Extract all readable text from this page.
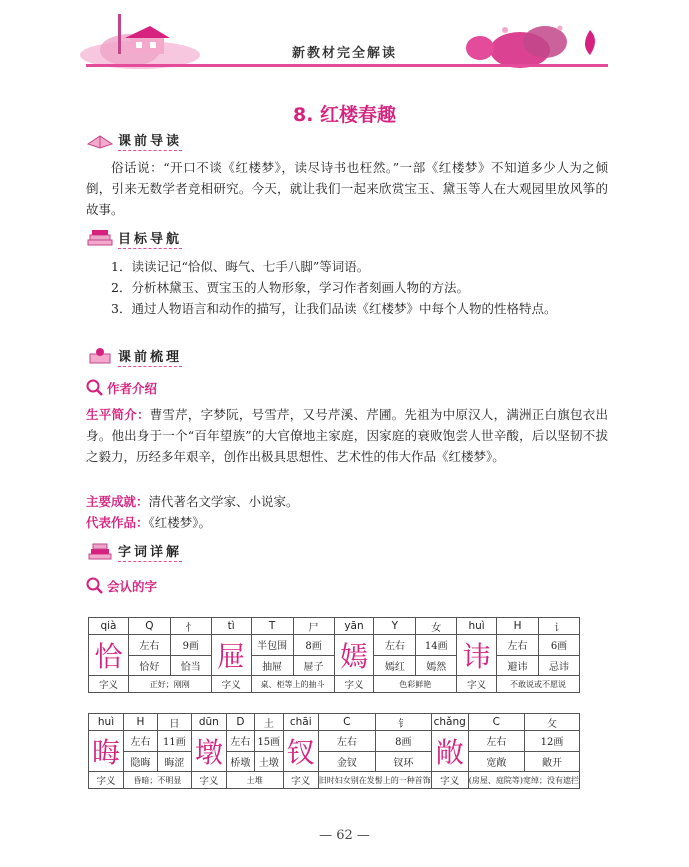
新教材完全解读
8. 红楼春趣
课前导读
俗话说：“开口不谈《红楼梦》，读尽诗书也枉然。”一部《红楼梦》不知道多少人为之倾倒，引来无数学者竞相研究。今天，就让我们一起来欣赏宝玉、黛玉等人在大观园里放风筝的故事。
目标导航
1．读读记记“恰似、晦气、七手八脚”等词语。
2．分析林黛玉、贾宝玉的人物形象，学习作者刻画人物的方法。
3．通过人物语言和动作的描写，让我们品读《红楼梦》中每个人物的性格特点。
课前梳理
作者介绍
生平简介：曹雪芹，字梦阮，号雪芹，又号芹溪、芹圃。先祖为中原汉人，满洲正白旗包衣出身。他出身于一个“百年望族”的大官僚地主家庭，因家庭的衰败饱尝人世辛酸，后以坚韧不拔之毅力，历经多年艰辛，创作出极具思想性、艺术性的伟大作品《红楼梦》。
主要成就：清代著名文学家、小说家。
代表作品：《红楼梦》。
字词详解
会认的字
qià	Q	忄	tì	T	尸	yān	Y	女	huì	H	讠
恰	左右	9画	屉	半包围	8画	嫣	左右	14画	讳	左右	6画
	恰好	恰当		抽屉	屉子		嫣红	嫣然		避讳	忌讳
字义	正好；刚刚		字义	桌、柜等上的抽斗		字义	色彩鲜艳		字义	不敢说或不愿说	
huì	H	日	dūn	D	土	chāi	C	钅	chǎng	C	攵
晦	左右	11画	墩	左右	15画	钗	左右	8画	敞	左右	12画
	隐晦	晦涩		桥墩	土墩		金钗	钗环		宽敞	敞开
字义	昏暗；不明显		字义	土堆		字义	旧时妇女别在发髻上的一种首饰		字义	(房屋、庭院等)宽绰；没有遮拦	
— 62 —
